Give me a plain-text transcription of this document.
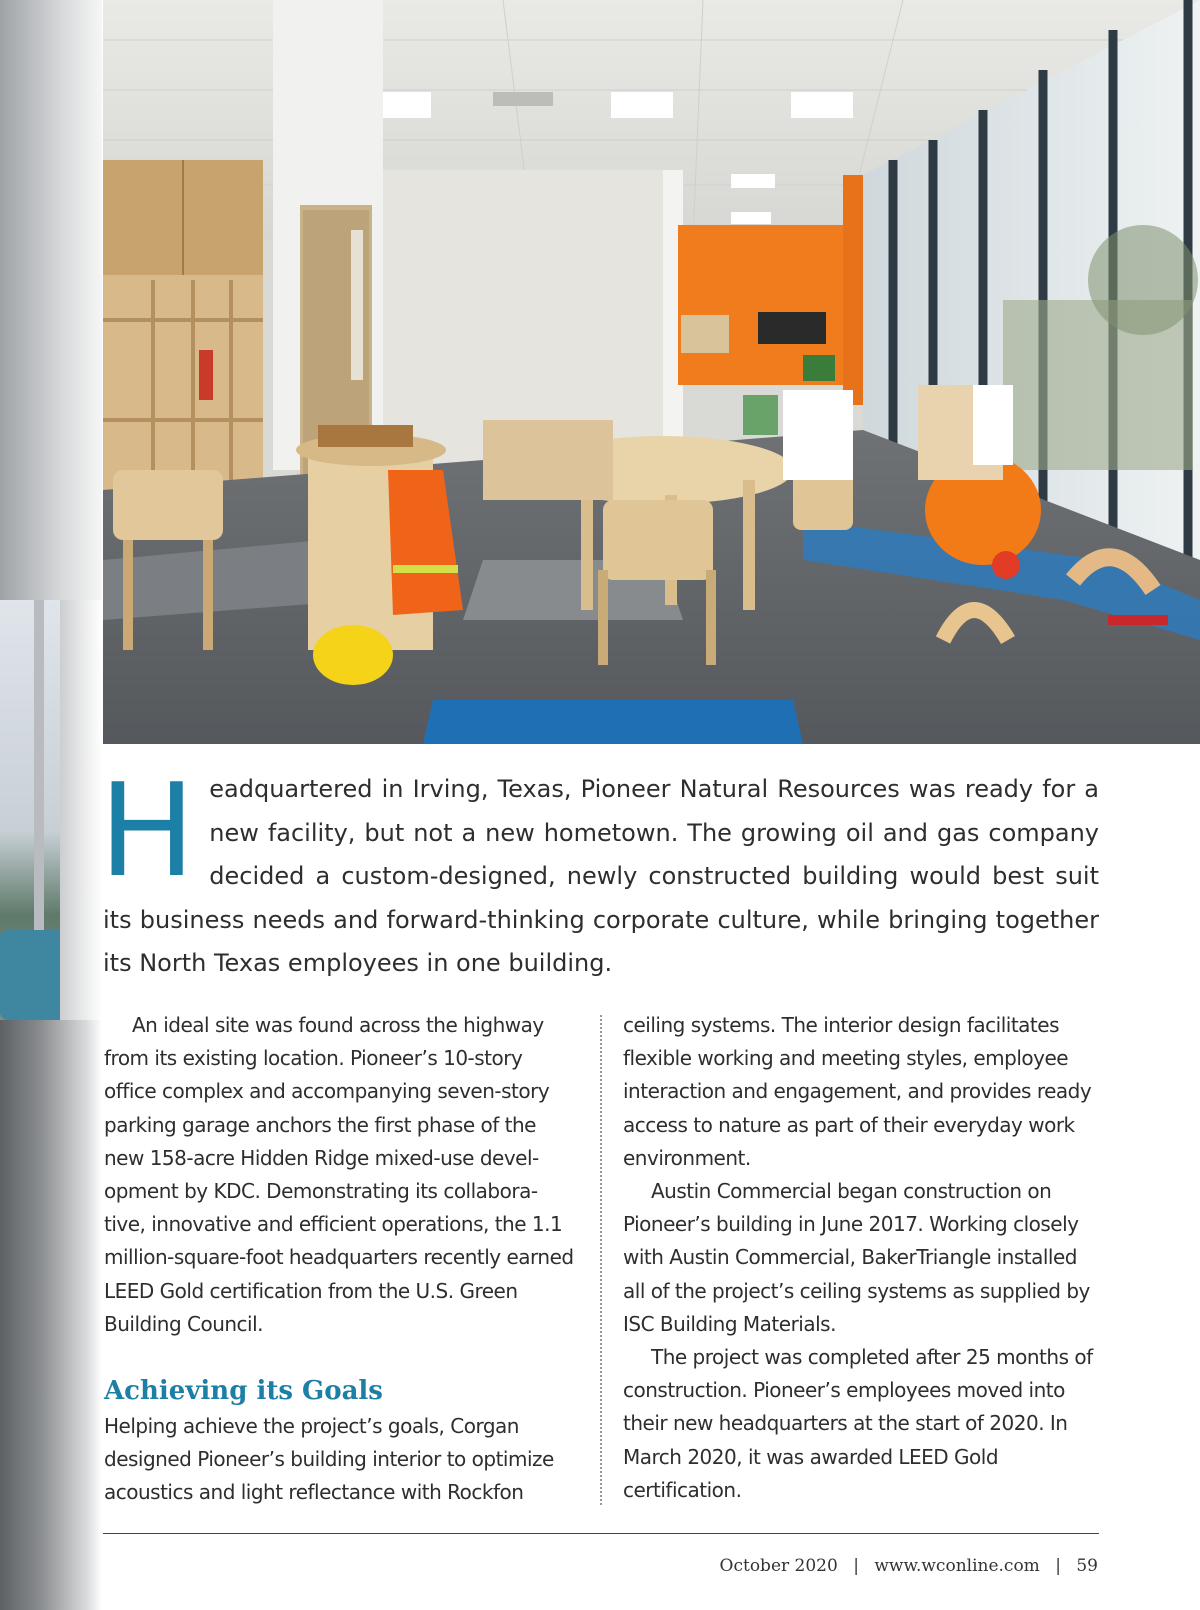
H eadquartered in Irving, Texas, Pioneer Natural Resources was ready for a new facility, but not a new hometown. The growing oil and gas company decided a custom-designed, newly constructed building would best suit its business needs and forward-thinking corporate culture, while bringing together its North Texas employees in one building.

An ideal site was found across the highway from its existing location. Pioneer’s 10-story office complex and accompanying seven-story parking garage anchors the first phase of the new 158-acre Hidden Ridge mixed-use devel-opment by KDC. Demonstrating its collabora-tive, innovative and efficient operations, the 1.1 million-square-foot headquarters recently earned LEED Gold certification from the U.S. Green Building Council.

Achieving its Goals

Helping achieve the project’s goals, Corgan designed Pioneer’s building interior to optimize acoustics and light reflectance with Rockfon

ceiling systems. The interior design facilitates flexible working and meeting styles, employee interaction and engagement, and provides ready access to nature as part of their everyday work environment.

Austin Commercial began construction on Pioneer’s building in June 2017. Working closely with Austin Commercial, BakerTriangle installed all of the project’s ceiling systems as supplied by ISC Building Materials.

The project was completed after 25 months of construction. Pioneer’s employees moved into their new headquarters at the start of 2020. In March 2020, it was awarded LEED Gold certification.

October 2020 | www.wconline.com | 59
